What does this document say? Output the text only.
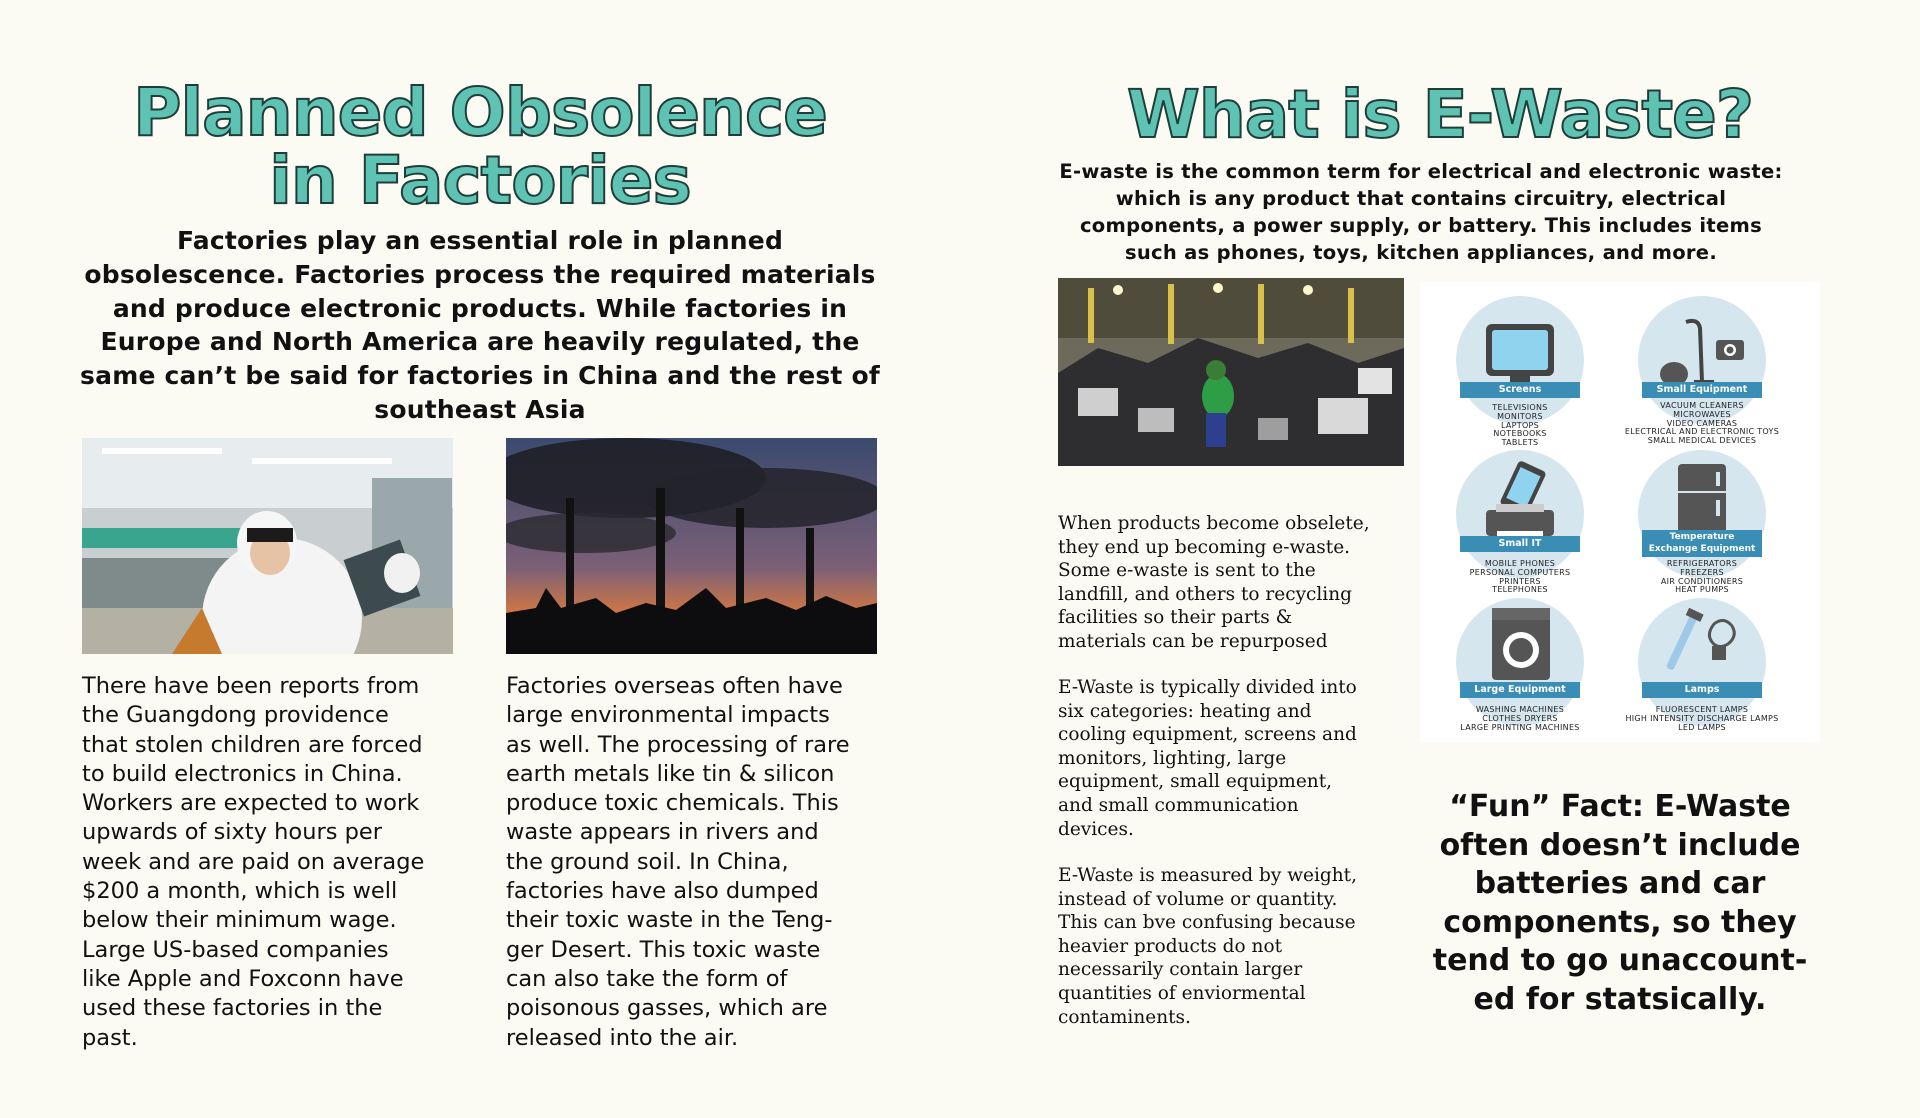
Planned Obsolence
in Factories

Factories play an essential role in planned obsolescence. Factories process the required materials and produce electronic products. While factories in Europe and North America are heavily regulated, the same can’t be said for factories in China and the rest of southeast Asia

There have been reports from
the Guangdong providence
that stolen children are forced
to build electronics in China.
Workers are expected to work
upwards of sixty hours per
week and are paid on average
$200 a month, which is well
below their minimum wage.
Large US-based companies
like Apple and Foxconn have
used these factories in the
past.

Factories overseas often have
large environmental impacts
as well. The processing of rare
earth metals like tin & silicon
produce toxic chemicals. This
waste appears in rivers and
the ground soil. In China,
factories have also dumped
their toxic waste in the Teng-
ger Desert. This toxic waste
can also take the form of
poisonous gasses, which are
released into the air.

What is E-Waste?

E-waste is the common term for electrical and electronic waste: which is any product that contains circuitry, electrical components, a power supply, or battery. This includes items such as phones, toys, kitchen appliances, and more.

When products become obselete,
they end up becoming e-waste.
Some e-waste is sent to the
landfill, and others to recycling
facilities so their parts &
materials can be repurposed

E-Waste is typically divided into
six categories: heating and
cooling equipment, screens and
monitors, lighting, large
equipment, small equipment,
and small communication
devices.

E-Waste is measured by weight,
instead of volume or quantity.
This can bve confusing because
heavier products do not
necessarily contain larger
quantities of enviormental
contaminents.

Screens
TELEVISIONS
MONITORS
LAPTOPS
NOTEBOOKS
TABLETS
Small Equipment
VACUUM CLEANERS
MICROWAVES
VIDEO CAMERAS
ELECTRICAL AND ELECTRONIC TOYS
SMALL MEDICAL DEVICES
Small IT
MOBILE PHONES
PERSONAL COMPUTERS
PRINTERS
TELEPHONES
Temperature
Exchange Equipment
REFRIGERATORS
FREEZERS
AIR CONDITIONERS
HEAT PUMPS
Large Equipment
WASHING MACHINES
CLOTHES DRYERS
LARGE PRINTING MACHINES
Lamps
FLUORESCENT LAMPS
HIGH INTENSITY DISCHARGE LAMPS
LED LAMPS

“Fun” Fact: E-Waste
often doesn’t include
batteries and car
components, so they
tend to go unaccount-
ed for statsically.
